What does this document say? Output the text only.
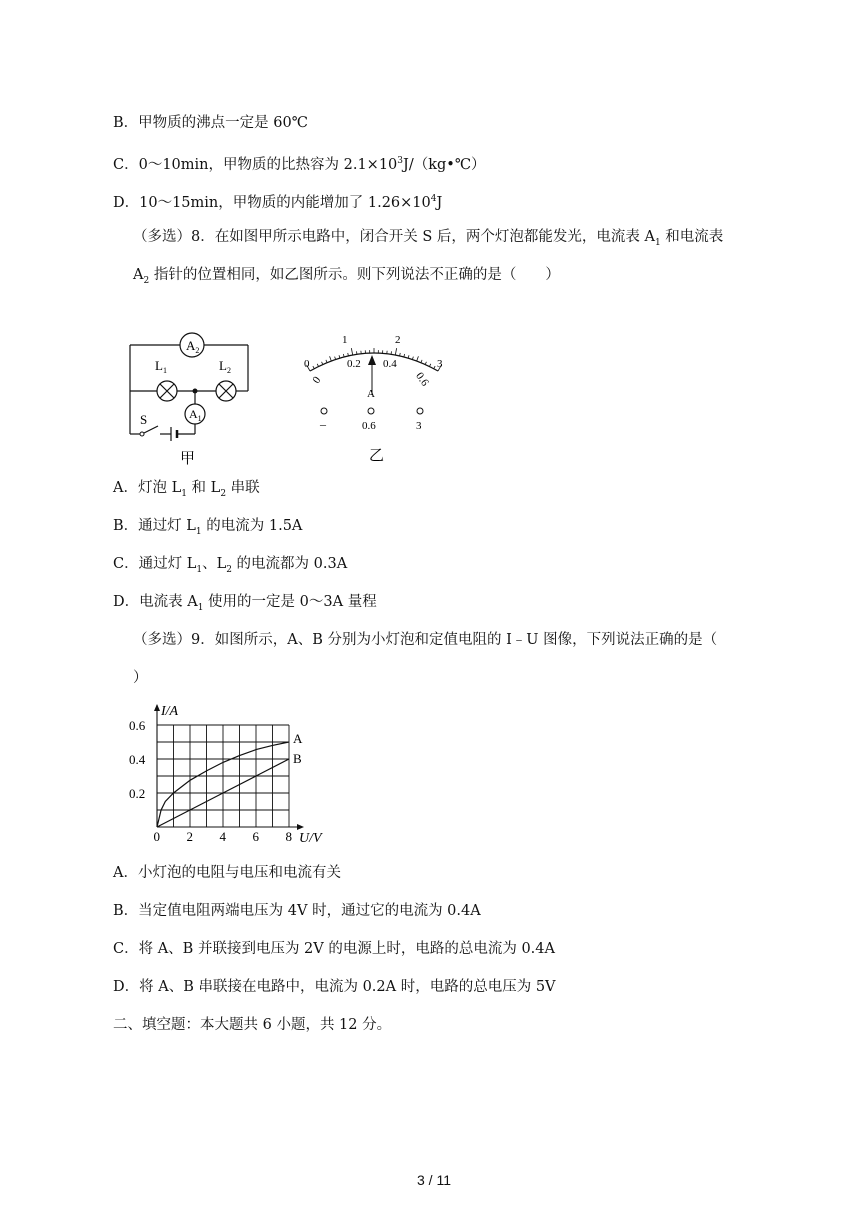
B．甲物质的沸点一定是 60℃
C．0～10min，甲物质的比热容为 $2.1\times 10^3J/(kg•℃)$
D．10～15min，甲物质的内能增加了 $1.26\times 10^4J$
（多选）8．在如图甲所示电路中，闭合开关 S 后，两个灯泡都能发光，电流表 $A_1$ 和电流表
$A_2$ 指针的位置相同，如乙图所示。则下列说法不正确的是（　　）
$A_2$
$L_1$	$L_2$
$A_1$
S
甲
0
1	2
3
0
0.2 0.4
0.6
A
–	0.6	3
乙
A．灯泡 $L_1$ 和 $L_2$ 串联
B．通过灯 $L_1$ 的电流为 1.5A
C．通过灯 $L_1$、$L_2$ 的电流都为 0.3A
D．电流表 $A_1$ 使用的一定是 0～3A 量程
（多选）9．如图所示，A、B 分别为小灯泡和定值电阻的 I﹣U 图像，下列说法正确的是（
）
A
B
0 2 4 6 8
0.2
0.4
0.6
I/A
U/V
A．小灯泡的电阻与电压和电流有关
B．当定值电阻两端电压为 4V 时，通过它的电流为 0.4A
C．将 A、B 并联接到电压为 2V 的电源上时，电路的总电流为 0.4A
D．将 A、B 串联接在电路中，电流为 0.2A 时，电路的总电压为 5V
二、填空题：本大题共 6 小题，共 12 分。
3 / 11
